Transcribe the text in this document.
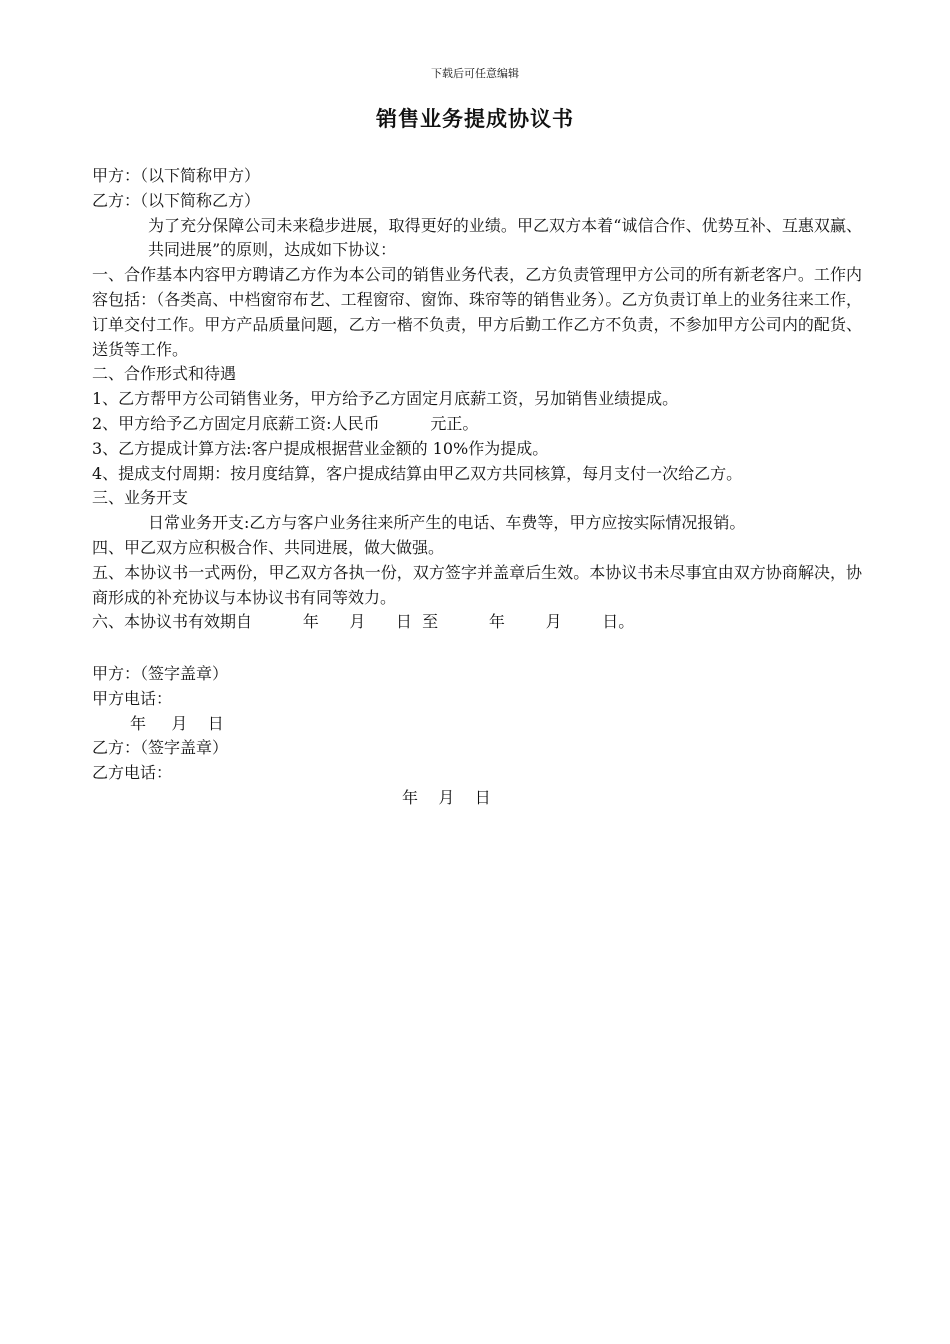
下载后可任意编辑
销售业务提成协议书
甲方：（以下简称甲方）
乙方：（以下简称乙方）
为了充分保障公司未来稳步进展，取得更好的业绩。甲乙双方本着“诚信合作、优势互补、互惠双赢、共同进展”的原则，达成如下协议：
一、合作基本内容甲方聘请乙方作为本公司的销售业务代表，乙方负责管理甲方公司的所有新老客户。工作内容包括：（各类高、中档窗帘布艺、工程窗帘、窗饰、珠帘等的销售业务）。乙方负责订单上的业务往来工作，订单交付工作。甲方产品质量问题，乙方一楷不负责，甲方后勤工作乙方不负责，不参加甲方公司内的配货、送货等工作。
二、合作形式和待遇
1、乙方帮甲方公司销售业务，甲方给予乙方固定月底薪工资，另加销售业绩提成。
2、甲方给予乙方固定月底薪工资:人民币          元正。
3、乙方提成计算方法:客户提成根据营业金额的 10%作为提成。
4、提成支付周期：按月度结算，客户提成结算由甲乙双方共同核算，每月支付一次给乙方。
三、业务开支
日常业务开支:乙方与客户业务往来所产生的电话、车费等，甲方应按实际情况报销。
四、甲乙双方应积极合作、共同进展，做大做强。
五、本协议书一式两份，甲乙双方各执一份，双方签字并盖章后生效。本协议书未尽事宜由双方协商解决，协商形成的补充协议与本协议书有同等效力。
六、本协议书有效期自          年      月      日  至          年        月        日。
甲方：（签字盖章）
甲方电话：
年     月    日
乙方：（签字盖章）
乙方电话：
年    月    日
